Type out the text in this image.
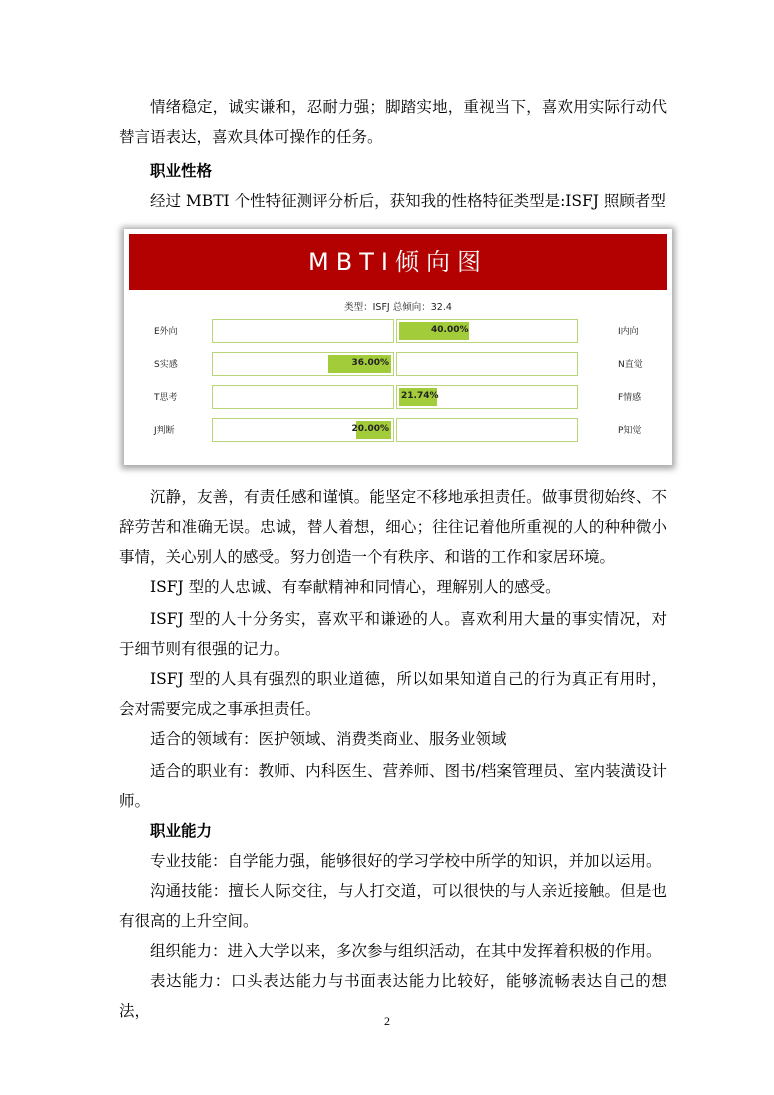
情绪稳定，诚实谦和，忍耐力强；脚踏实地，重视当下，喜欢用实际行动代替言语表达，喜欢具体可操作的任务。

职业性格

经过 MBTI 个性特征测评分析后，获知我的性格特征类型是:ISFJ 照顾者型

MBTI倾向图
类型：ISFJ 总倾向：32.4
E外向	40.00%	I内向
S实感	36.00%	N直觉
T思考	21.74%	F情感
J判断	20.00%	P知觉

沉静，友善，有责任感和谨慎。能坚定不移地承担责任。做事贯彻始终、不辞劳苦和准确无误。忠诚，替人着想，细心；往往记着他所重视的人的种种微小事情，关心别人的感受。努力创造一个有秩序、和谐的工作和家居环境。

ISFJ 型的人忠诚、有奉献精神和同情心，理解别人的感受。

ISFJ 型的人十分务实，喜欢平和谦逊的人。喜欢利用大量的事实情况，对于细节则有很强的记力。

ISFJ 型的人具有强烈的职业道德，所以如果知道自己的行为真正有用时，会对需要完成之事承担责任。

适合的领域有：医护领域、消费类商业、服务业领域

适合的职业有：教师、内科医生、营养师、图书/档案管理员、室内装潢设计师。

职业能力

专业技能：自学能力强，能够很好的学习学校中所学的知识，并加以运用。

沟通技能：擅长人际交往，与人打交道，可以很快的与人亲近接触。但是也有很高的上升空间。

组织能力：进入大学以来，多次参与组织活动，在其中发挥着积极的作用。

表达能力：口头表达能力与书面表达能力比较好，能够流畅表达自己的想法，

2
